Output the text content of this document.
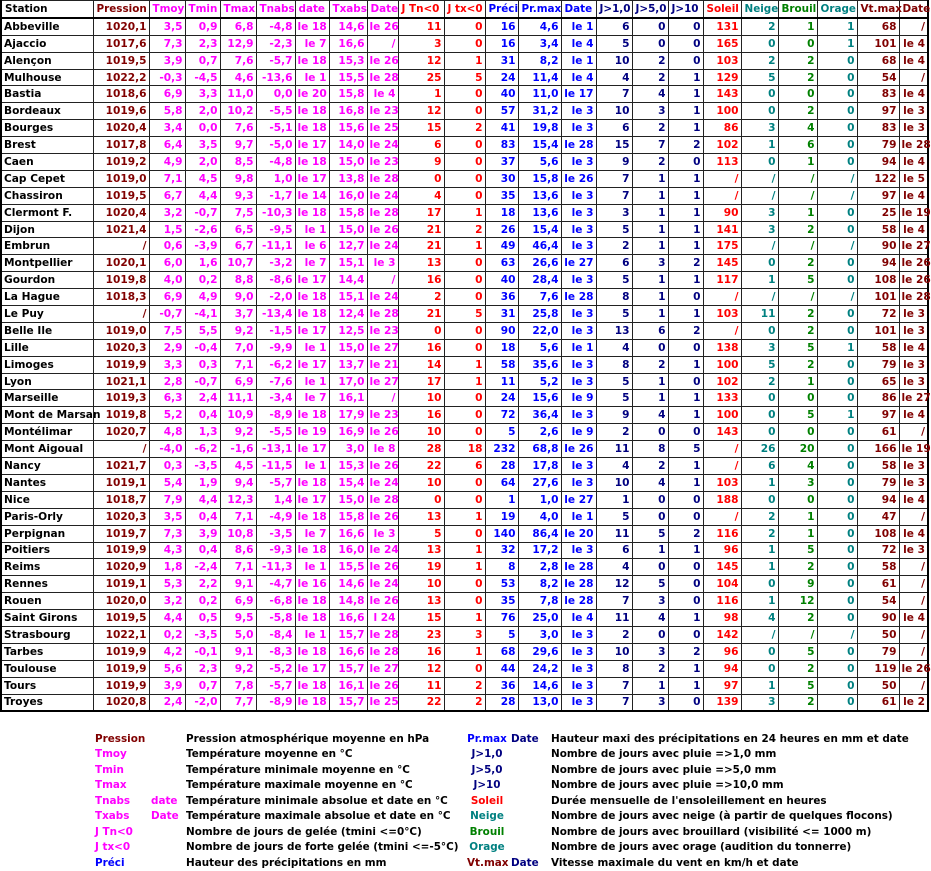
Station	Pression	Tmoy	Tmin	Tmax	Tnabs	date	Txabs	Date	J Tn<0	J tx<0	Préci	Pr.max	Date	J>1,0	J>5,0	J>10	Soleil	Neige	Brouil	Orage	Vt.max	Date
Abbeville	1020,1	3,5	0,9	6,8	-4,8	le 18	14,6	le 26	11	0	16	4,6	le 1	6	0	0	131	2	1	1	68	/
Ajaccio	1017,6	7,3	2,3	12,9	-2,3	le 7	16,6	/	3	0	16	3,4	le 4	5	0	0	165	0	0	1	101	le 4
Alençon	1019,5	3,9	0,7	7,6	-5,7	le 18	15,3	le 26	12	1	31	8,2	le 1	10	2	0	103	2	2	0	68	le 4
Mulhouse	1022,2	-0,3	-4,5	4,6	-13,6	le 1	15,5	le 28	25	5	24	11,4	le 4	4	2	1	129	5	2	0	54	/
Bastia	1018,6	6,9	3,3	11,0	0,0	le 20	15,8	le 4	1	0	40	11,0	le 17	7	4	1	143	0	0	0	83	le 4
Bordeaux	1019,6	5,8	2,0	10,2	-5,5	le 18	16,8	le 23	12	0	57	31,2	le 3	10	3	1	100	0	2	0	97	le 3
Bourges	1020,4	3,4	0,0	7,6	-5,1	le 18	15,6	le 25	15	2	41	19,8	le 3	6	2	1	86	3	4	0	83	le 3
Brest	1017,8	6,4	3,5	9,7	-5,0	le 17	14,0	le 24	6	0	83	15,4	le 28	15	7	2	102	1	6	0	79	le 28
Caen	1019,2	4,9	2,0	8,5	-4,8	le 18	15,0	le 23	9	0	37	5,6	le 3	9	2	0	113	0	1	0	94	le 4
Cap Cepet	1019,0	7,1	4,5	9,8	1,0	le 17	13,8	le 28	0	0	30	15,8	le 26	7	1	1	/	/	/	/	122	le 5
Chassiron	1019,5	6,7	4,4	9,3	-1,7	le 14	16,0	le 24	4	0	35	13,6	le 3	7	1	1	/	/	/	/	97	le 4
Clermont F.	1020,4	3,2	-0,7	7,5	-10,3	le 18	15,8	le 28	17	1	18	13,6	le 3	3	1	1	90	3	1	0	25	le 19
Dijon	1021,4	1,5	-2,6	6,5	-9,5	le 1	15,0	le 26	21	2	26	15,4	le 3	5	1	1	141	3	2	0	58	le 4
Embrun	/	0,6	-3,9	6,7	-11,1	le 6	12,7	le 24	21	1	49	46,4	le 3	2	1	1	175	/	/	/	90	le 27
Montpellier	1020,1	6,0	1,6	10,7	-3,2	le 7	15,1	le 3	13	0	63	26,6	le 27	6	3	2	145	0	2	0	94	le 26
Gourdon	1019,8	4,0	0,2	8,8	-8,6	le 17	14,4	/	16	0	40	28,4	le 3	5	1	1	117	1	5	0	108	le 26
La Hague	1018,3	6,9	4,9	9,0	-2,0	le 18	15,1	le 24	2	0	36	7,6	le 28	8	1	0	/	/	/	/	101	le 28
Le Puy	/	-0,7	-4,1	3,7	-13,4	le 18	12,4	le 28	21	5	31	25,8	le 3	5	1	1	103	11	2	0	72	le 3
Belle Ile	1019,0	7,5	5,5	9,2	-1,5	le 17	12,5	le 23	0	0	90	22,0	le 3	13	6	2	/	0	2	0	101	le 3
Lille	1020,3	2,9	-0,4	7,0	-9,9	le 1	15,0	le 27	16	0	18	5,6	le 1	4	0	0	138	3	5	1	58	le 4
Limoges	1019,9	3,3	0,3	7,1	-6,2	le 17	13,7	le 21	14	1	58	35,6	le 3	8	2	1	100	5	2	0	79	le 3
Lyon	1021,1	2,8	-0,7	6,9	-7,6	le 1	17,0	le 27	17	1	11	5,2	le 3	5	1	0	102	2	1	0	65	le 3
Marseille	1019,3	6,3	2,4	11,1	-3,4	le 7	16,1	/	10	0	24	15,6	le 9	5	1	1	133	0	0	0	86	le 27
Mont de Marsan	1019,8	5,2	0,4	10,9	-8,9	le 18	17,9	le 23	16	0	72	36,4	le 3	9	4	1	100	0	5	1	97	le 4
Montélimar	1020,7	4,8	1,3	9,2	-5,5	le 19	16,9	le 26	10	0	5	2,6	le 9	2	0	0	143	0	0	0	61	/
Mont Aigoual	/	-4,0	-6,2	-1,6	-13,1	le 17	3,0	le 8	28	18	232	68,8	le 26	11	8	5	/	26	20	0	166	le 19
Nancy	1021,7	0,3	-3,5	4,5	-11,5	le 1	15,3	le 26	22	6	28	17,8	le 3	4	2	1	/	6	4	0	58	le 3
Nantes	1019,1	5,4	1,9	9,4	-5,7	le 18	15,4	le 24	10	0	64	27,6	le 3	10	4	1	103	1	3	0	79	le 3
Nice	1018,7	7,9	4,4	12,3	1,4	le 17	15,0	le 28	0	0	1	1,0	le 27	1	0	0	188	0	0	0	94	le 4
Paris-Orly	1020,3	3,5	0,4	7,1	-4,9	le 18	15,8	le 26	13	1	19	4,0	le 1	5	0	0	/	2	1	0	47	/
Perpignan	1019,7	7,3	3,9	10,8	-3,5	le 7	16,6	le 3	5	0	140	86,4	le 20	11	5	2	116	2	1	0	108	le 4
Poitiers	1019,9	4,3	0,4	8,6	-9,3	le 18	16,0	le 24	13	1	32	17,2	le 3	6	1	1	96	1	5	0	72	le 3
Reims	1020,9	1,8	-2,4	7,1	-11,3	le 1	15,5	le 26	19	1	8	2,8	le 28	4	0	0	145	1	2	0	58	/
Rennes	1019,1	5,3	2,2	9,1	-4,7	le 16	14,6	le 24	10	0	53	8,2	le 28	12	5	0	104	0	9	0	61	/
Rouen	1020,0	3,2	0,2	6,9	-6,8	le 18	14,8	le 26	13	0	35	7,8	le 28	7	3	0	116	1	12	0	54	/
Saint Girons	1019,5	4,4	0,5	9,5	-5,8	le 18	16,6	l 24	15	1	76	25,0	le 4	11	4	1	98	4	2	0	90	le 4
Strasbourg	1022,1	0,2	-3,5	5,0	-8,4	le 1	15,7	le 28	23	3	5	3,0	le 3	2	0	0	142	/	/	/	50	/
Tarbes	1019,9	4,2	-0,1	9,1	-8,3	le 18	16,6	le 28	16	1	68	29,6	le 3	10	3	2	96	0	5	0	79	/
Toulouse	1019,9	5,6	2,3	9,2	-5,2	le 17	15,7	le 27	12	0	44	24,2	le 3	8	2	1	94	0	2	0	119	le 26
Tours	1019,9	3,9	0,7	7,8	-5,7	le 18	16,1	le 26	11	2	36	14,6	le 3	7	1	1	97	1	5	0	50	/
Troyes	1020,8	2,4	-2,0	7,7	-8,9	le 18	15,7	le 25	22	2	28	13,0	le 3	7	3	0	139	3	2	0	61	le 2
Pression		Pression atmosphérique moyenne en hPa	Pr.max	Date	Hauteur maxi des précipitations en 24 heures en mm et date
Tmoy		Température moyenne en °C	J>1,0		Nombre de jours avec pluie =>1,0 mm
Tmin		Température minimale moyenne en °C	J>5,0		Nombre de jours avec pluie =>5,0 mm
Tmax		Température maximale moyenne en °C	J>10		Nombre de jours avec pluie =>10,0 mm
Tnabs	date	Température minimale absolue et date en °C	Soleil		Durée mensuelle de l'ensoleillement en heures
Txabs	Date	Température maximale absolue et date en °C	Neige		Nombre de jours avec neige (à partir de quelques flocons)
J Tn<0		Nombre de jours de gelée (tmini <=0°C)	Brouil		Nombre de jours avec brouillard (visibilité <= 1000 m)
J tx<0		Nombre de jours de forte gelée (tmini <=-5°C)	Orage		Nombre de jours avec orage (audition du tonnerre)
Préci		Hauteur des précipitations en mm	Vt.max	Date	Vitesse maximale du vent en km/h et date
